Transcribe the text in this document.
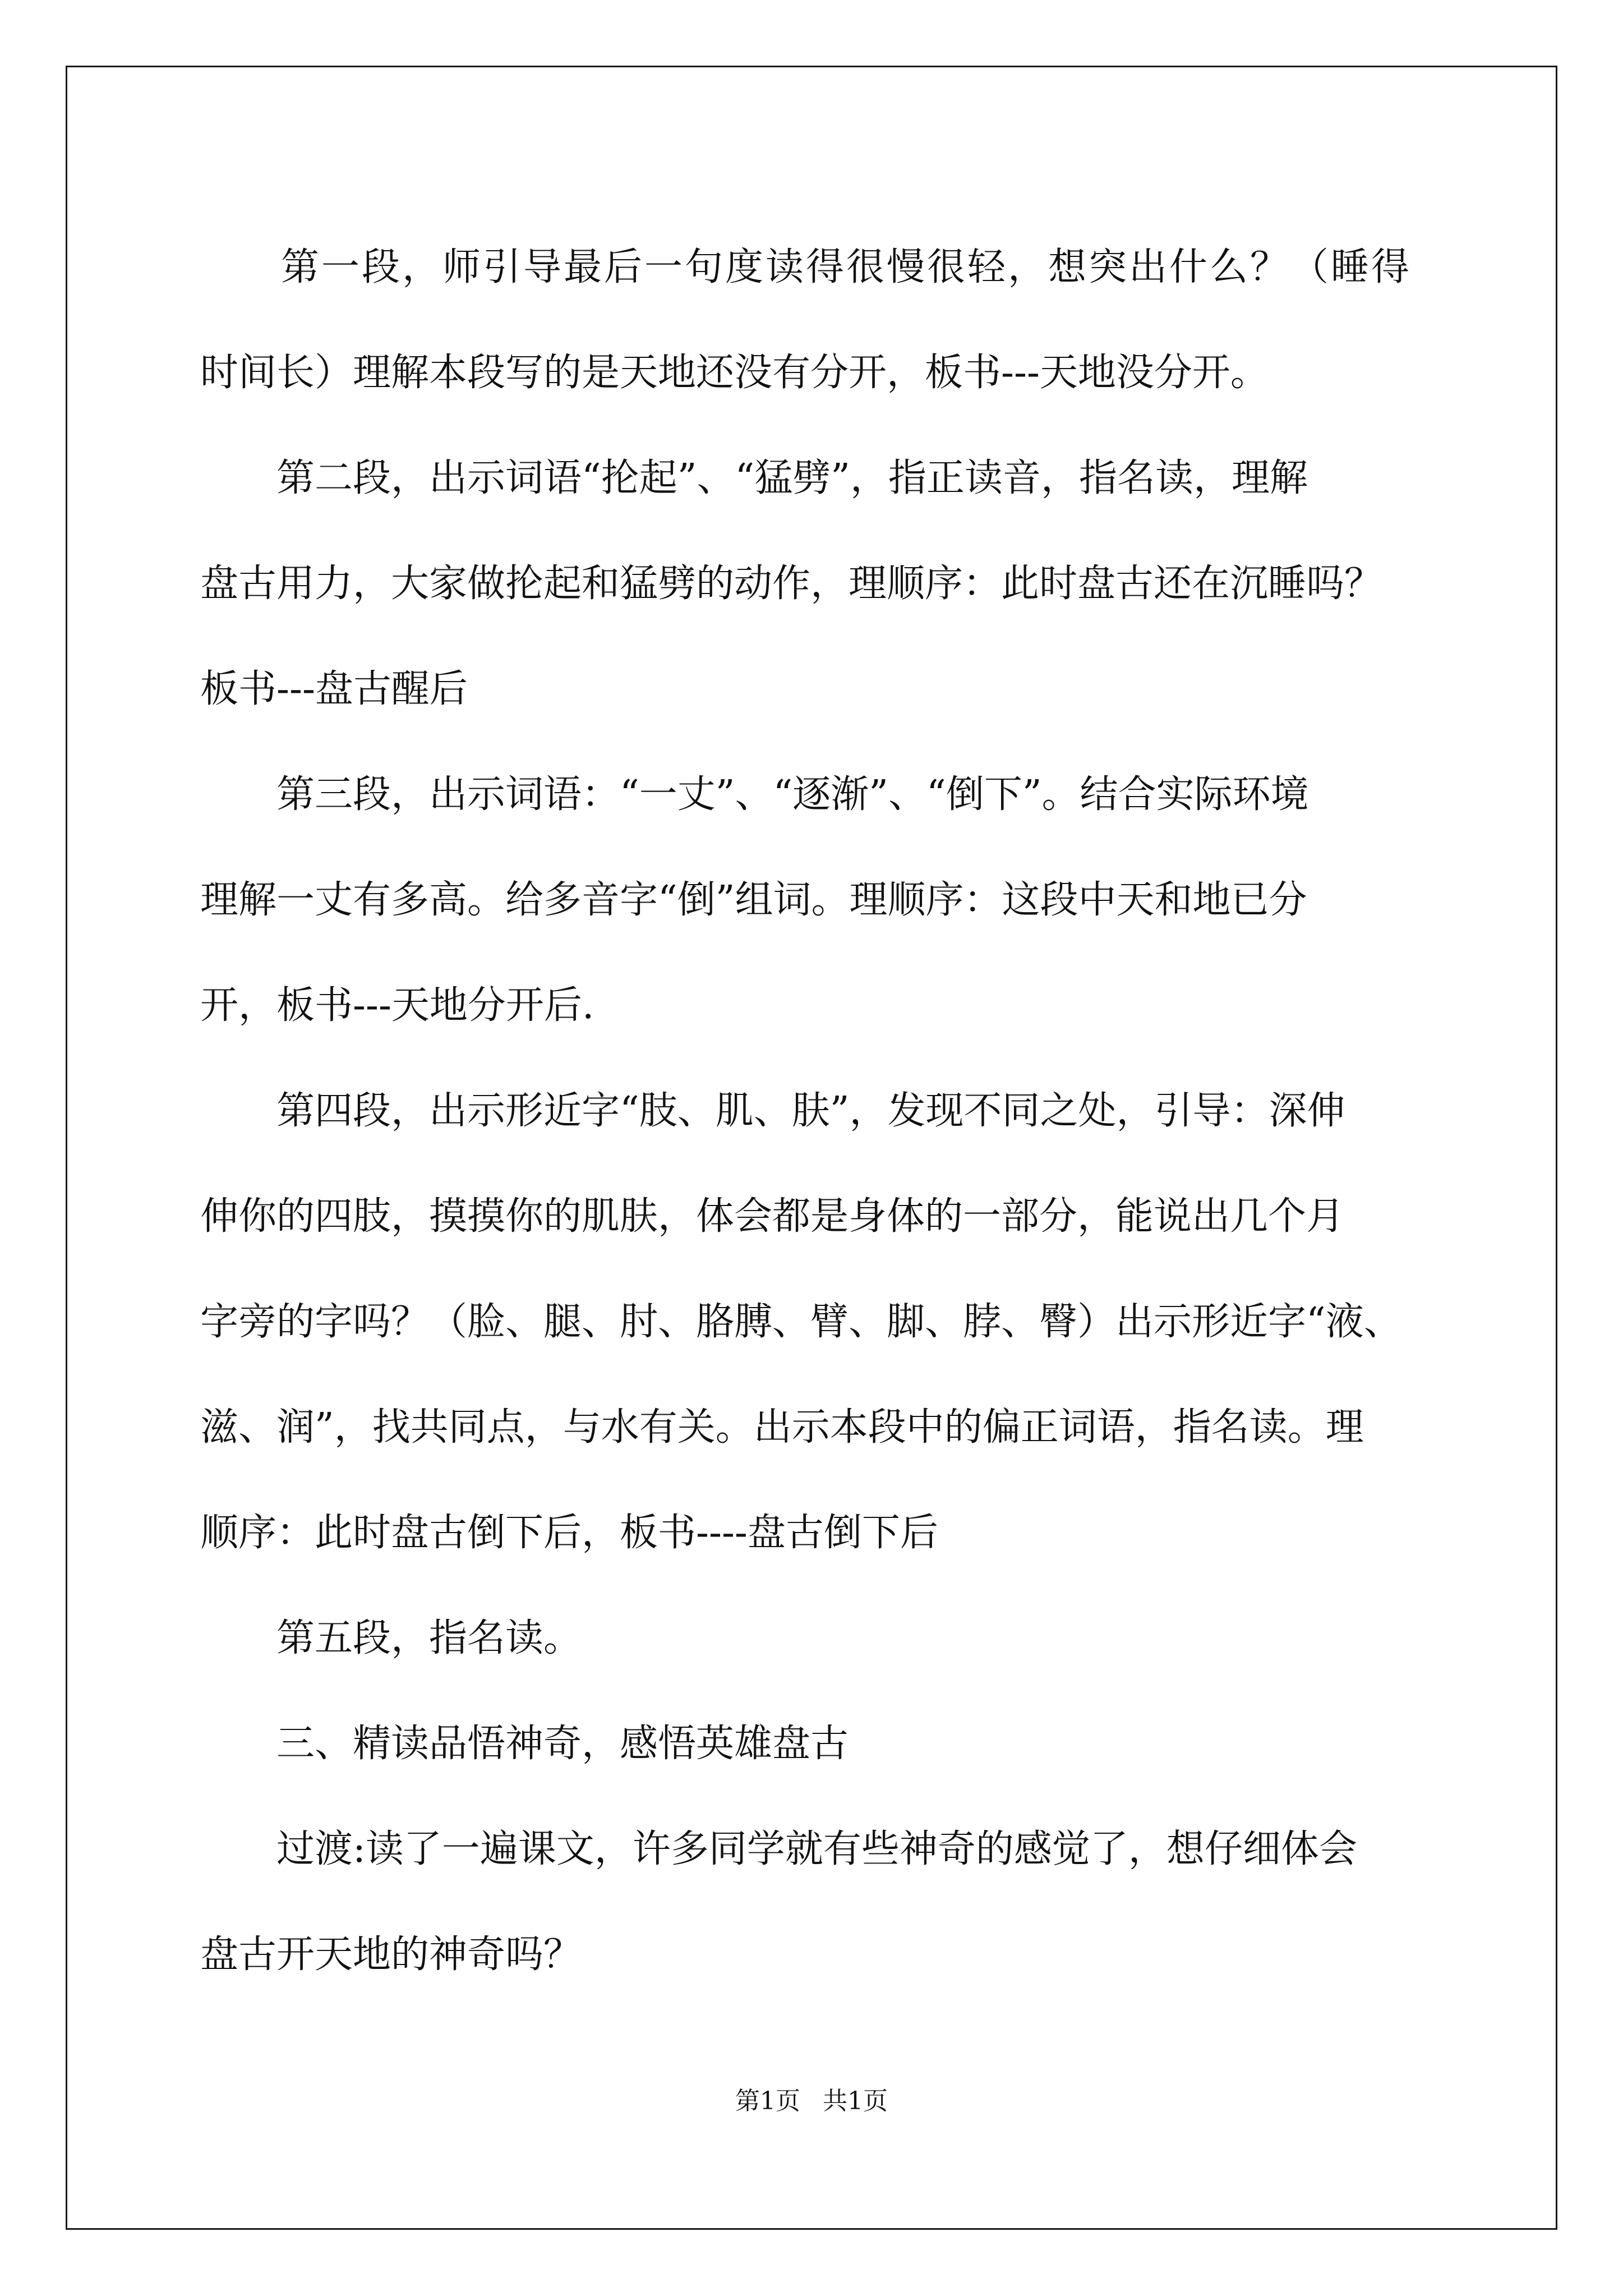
　　第一段，师引导最后一句度读得很慢很轻，想突出什么？（睡得
时间长）理解本段写的是天地还没有分开，板书---天地没分开。
　　第二段，出示词语“抡起”、“猛劈”，指正读音，指名读，理解
盘古用力，大家做抡起和猛劈的动作，理顺序：此时盘古还在沉睡吗？
板书---盘古醒后
　　第三段，出示词语：“一丈”、“逐渐”、“倒下”。结合实际环境
理解一丈有多高。给多音字“倒”组词。理顺序：这段中天和地已分
开，板书---天地分开后.
　　第四段，出示形近字“肢、肌、肤”，发现不同之处，引导：深伸
伸你的四肢，摸摸你的肌肤，体会都是身体的一部分，能说出几个月
字旁的字吗？（脸、腿、肘、胳膊、臂、脚、脖、臀）出示形近字“液、
滋、润”，找共同点，与水有关。出示本段中的偏正词语，指名读。理
顺序：此时盘古倒下后，板书----盘古倒下后
　　第五段，指名读。
　　三、精读品悟神奇，感悟英雄盘古
　　过渡:读了一遍课文，许多同学就有些神奇的感觉了，想仔细体会
盘古开天地的神奇吗？
第1页 共1页
